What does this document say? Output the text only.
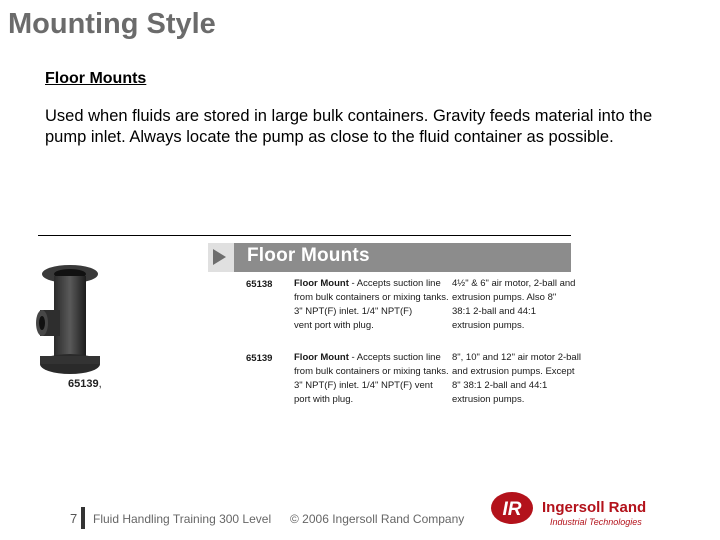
Mounting Style
Floor Mounts
Used when fluids are stored in large bulk containers. Gravity feeds material into the pump inlet. Always locate the pump as close to the fluid container as possible.
Floor Mounts
65139,
65138 Floor Mount - Accepts suction line
from bulk containers or mixing tanks.
3" NPT(F) inlet. 1/4" NPT(F)
vent port with plug.
4½" & 6" air motor, 2-ball and
extrusion pumps. Also 8"
38:1 2-ball and 44:1
extrusion pumps.
65139 Floor Mount - Accepts suction line
from bulk containers or mixing tanks.
3" NPT(F) inlet. 1/4" NPT(F) vent
port with plug.
8", 10" and 12" air motor 2-ball
and extrusion pumps. Except
8" 38:1 2-ball and 44:1
extrusion pumps.
7 Fluid Handling Training 300 Level © 2006 Ingersoll Rand Company IR Ingersoll Rand
Industrial Technologies
